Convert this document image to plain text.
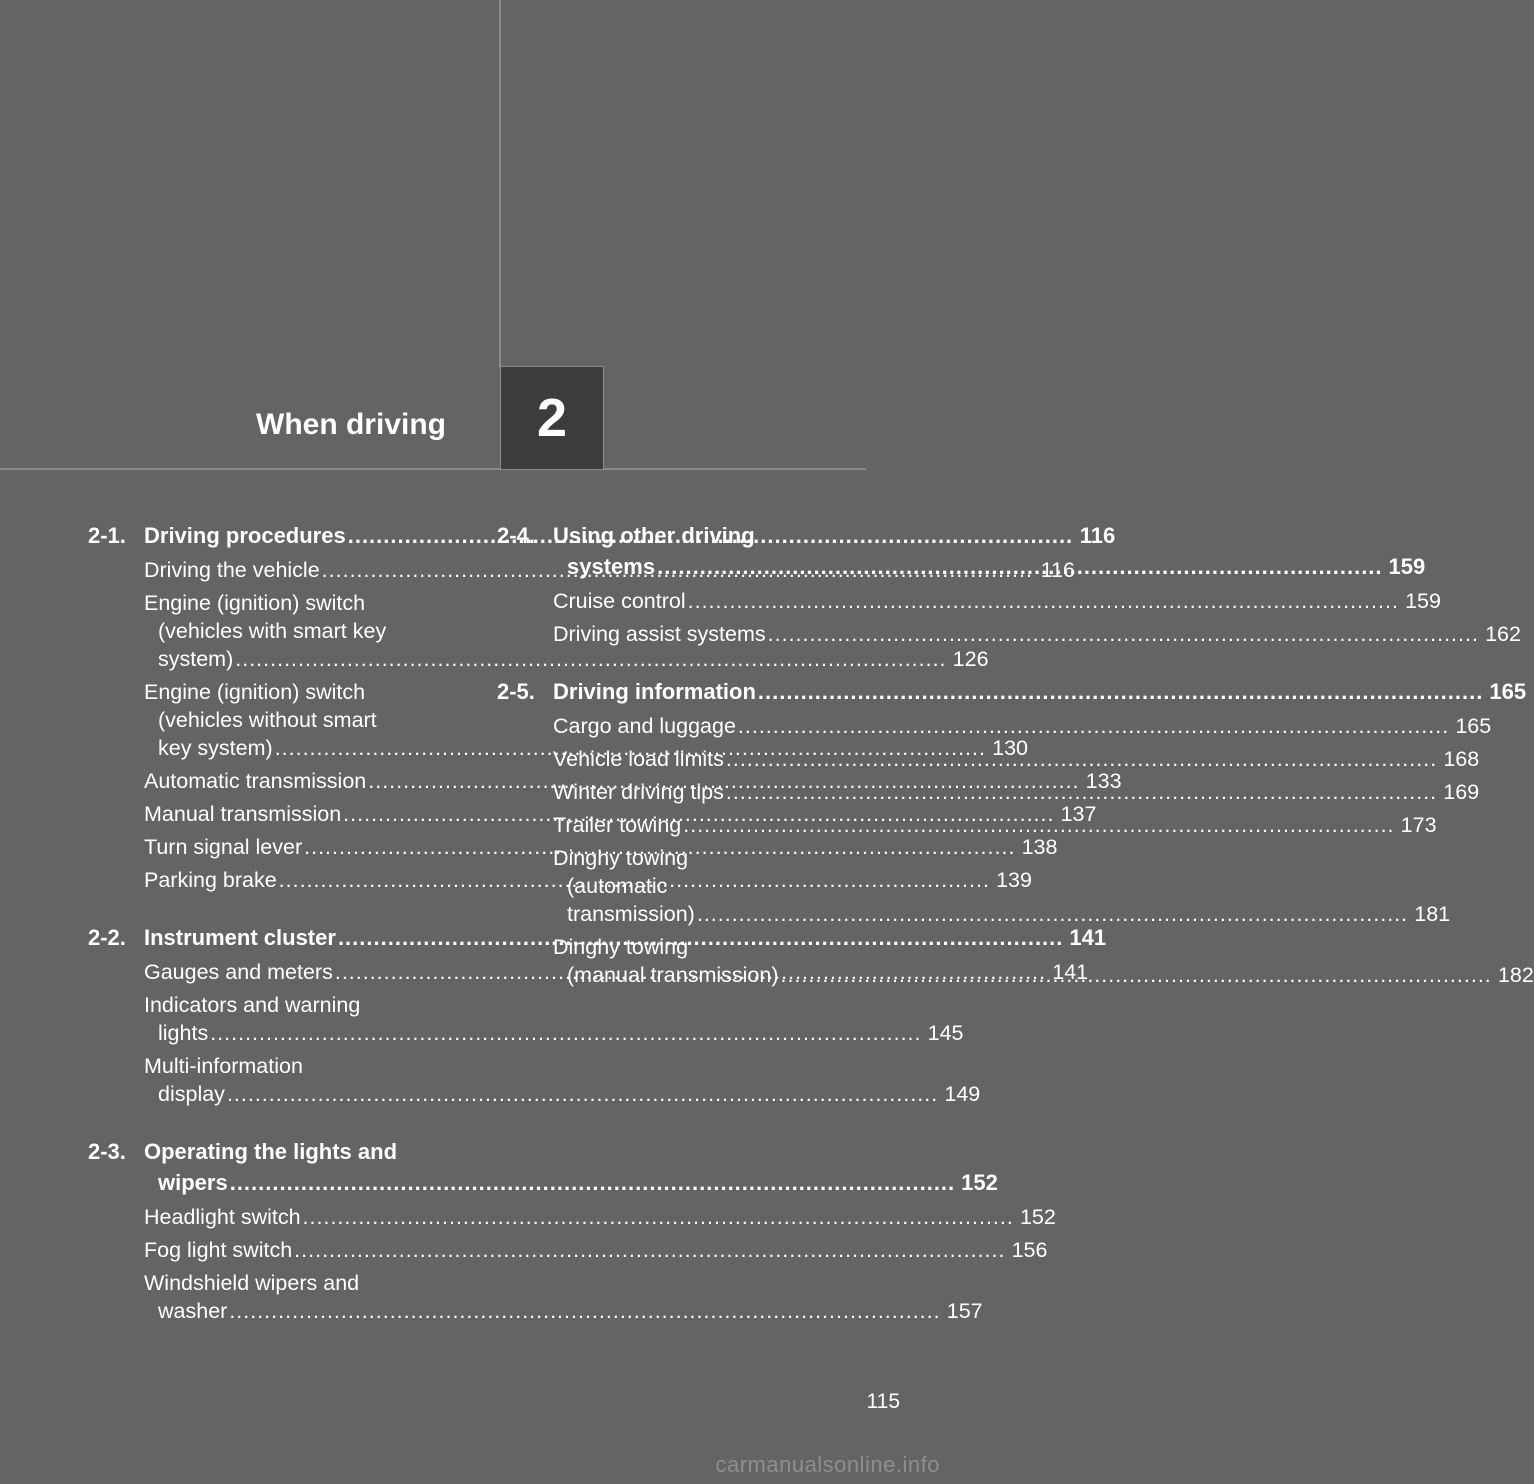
When driving 2
2-1. Driving procedures .....	116
Driving the vehicle .....	116
Engine (ignition) switch
(vehicles with smart key
system) .....	126
Engine (ignition) switch
(vehicles without smart
key system) .....	130
Automatic transmission .....	133
Manual transmission .....	137
Turn signal lever .....	138
Parking brake .....	139
2-2. Instrument cluster .....	141
Gauges and meters .....	141
Indicators and warning
lights .....	145
Multi-information
display .....	149
2-3. Operating the lights and
wipers .....	152
Headlight switch .....	152
Fog light switch .....	156
Windshield wipers and
washer .....	157
2-4. Using other driving
systems .....	159
Cruise control .....	159
Driving assist systems .....	162
2-5. Driving information .....	165
Cargo and luggage .....	165
Vehicle load limits .....	168
Winter driving tips .....	169
Trailer towing .....	173
Dinghy towing
(automatic
transmission) .....	181
Dinghy towing
(manual transmission) .....	182
115
carmanualsonline.info
